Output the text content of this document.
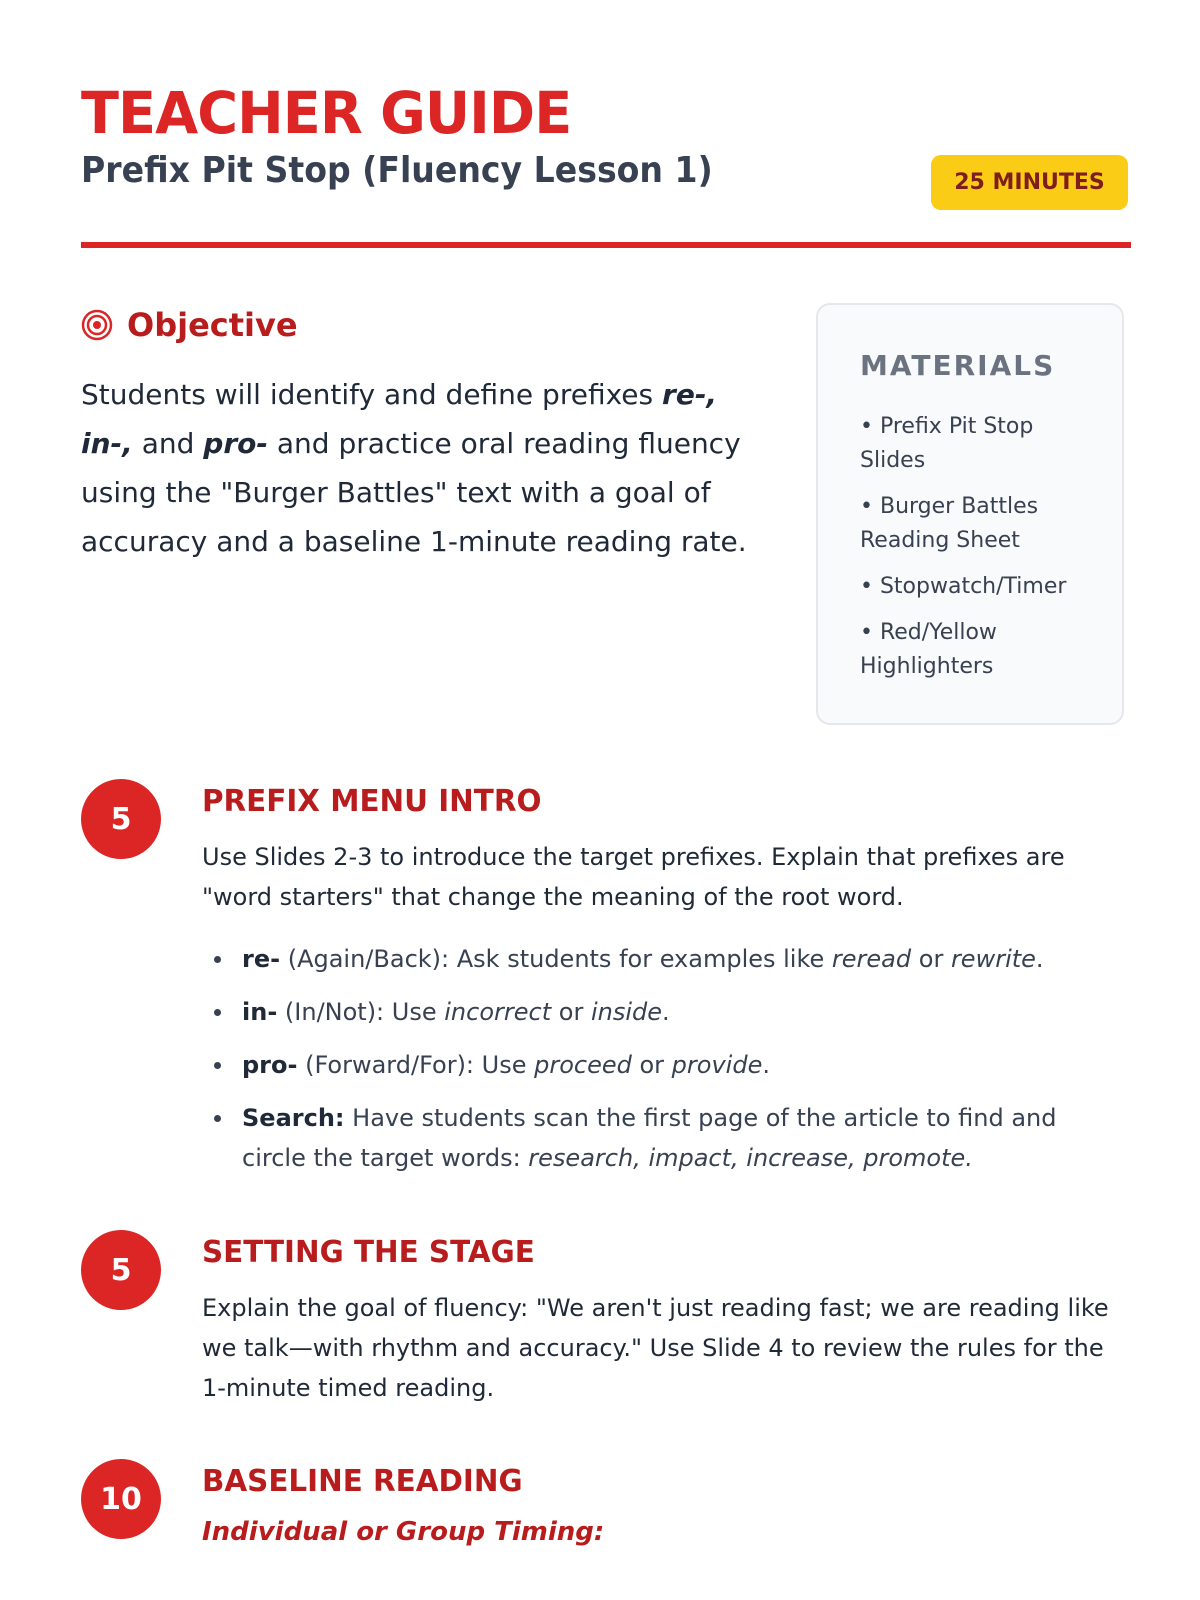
TEACHER GUIDE
Prefix Pit Stop (Fluency Lesson 1)	25 MINUTES
Objective
Students will identify and define prefixes re-, in-, and pro- and practice oral reading fluency using the "Burger Battles" text with a goal of accuracy and a baseline 1-minute reading rate.
MATERIALS
• Prefix Pit Stop Slides
• Burger Battles Reading Sheet
• Stopwatch/Timer
• Red/Yellow Highlighters
5	PREFIX MENU INTRO
Use Slides 2-3 to introduce the target prefixes. Explain that prefixes are "word starters" that change the meaning of the root word.
re- (Again/Back): Ask students for examples like reread or rewrite.
in- (In/Not): Use incorrect or inside.
pro- (Forward/For): Use proceed or provide.
Search: Have students scan the first page of the article to find and circle the target words: research, impact, increase, promote.
5	SETTING THE STAGE
Explain the goal of fluency: "We aren't just reading fast; we are reading like we talk—with rhythm and accuracy." Use Slide 4 to review the rules for the 1-minute timed reading.
10	BASELINE READING
Individual or Group Timing:
